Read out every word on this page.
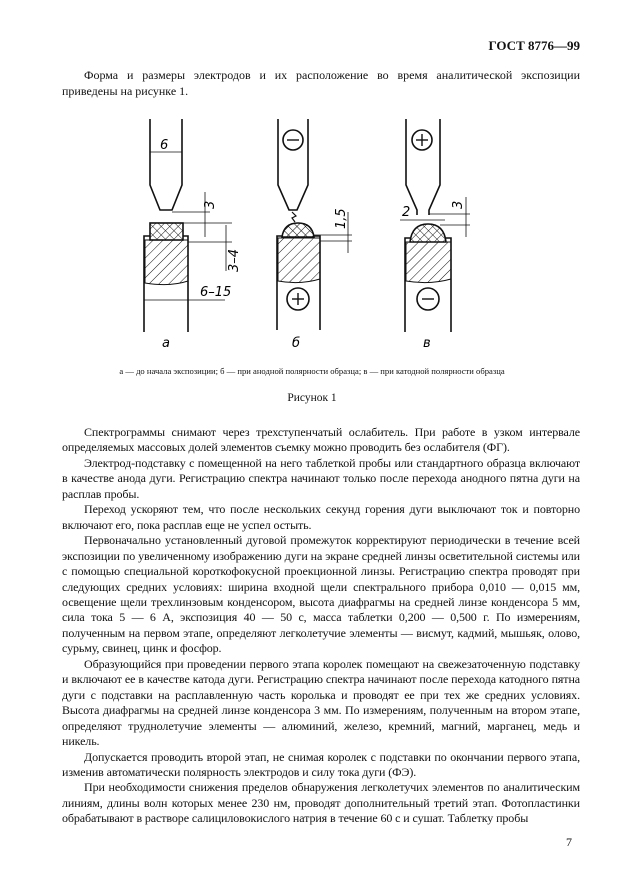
ГОСТ 8776—99

Форма и размеры электродов и их расположение во время аналитической экспозиции приведены на рисунке 1.

6
3
3–4
6–15
1,5	2
3
а	б	в
а — до начала экспозиции; б — при анодной полярности образца; в — при катодной полярности образца
Рисунок 1

Спектрограммы снимают через трехступенчатый ослабитель. При работе в узком интервале определяемых массовых долей элементов съемку можно проводить без ослабителя (ФГ).

Электрод-подставку с помещенной на него таблеткой пробы или стандартного образца включают в качестве анода дуги. Регистрацию спектра начинают только после перехода анодного пятна дуги на расплав пробы.

Переход ускоряют тем, что после нескольких секунд горения дуги выключают ток и повторно включают его, пока расплав еще не успел остыть.

Первоначально установленный дуговой промежуток корректируют периодически в течение всей экспозиции по увеличенному изображению дуги на экране средней линзы осветительной системы или с помощью специальной короткофокусной проекционной линзы. Регистрацию спектра проводят при следующих средних условиях: ширина входной щели спектрального прибора 0,010 — 0,015 мм, освещение щели трехлинзовым конденсором, высота диафрагмы на средней линзе конденсора 5 мм, сила тока 5 — 6 А, экспозиция 40 — 50 с, масса таблетки 0,200 — 0,500 г. По измерениям, полученным на первом этапе, определяют легколетучие элементы — висмут, кадмий, мышьяк, олово, сурьму, свинец, цинк и фосфор.

Образующийся при проведении первого этапа королек помещают на свежезаточенную подставку и включают ее в качестве катода дуги. Регистрацию спектра начинают после перехода катодного пятна дуги с подставки на расплавленную часть королька и проводят ее при тех же средних условиях. Высота диафрагмы на средней линзе конденсора 3 мм. По измерениям, полученным на втором этапе, определяют труднолетучие элементы — алюминий, железо, кремний, магний, марганец, медь и никель.

Допускается проводить второй этап, не снимая королек с подставки по окончании первого этапа, изменив автоматически полярность электродов и силу тока дуги (ФЭ).

При необходимости снижения пределов обнаружения легколетучих элементов по аналитическим линиям, длины волн которых менее 230 нм, проводят дополнительный третий этап. Фотопластинки обрабатывают в растворе салициловокислого натрия в течение 60 с и сушат. Таблетку пробы

7
